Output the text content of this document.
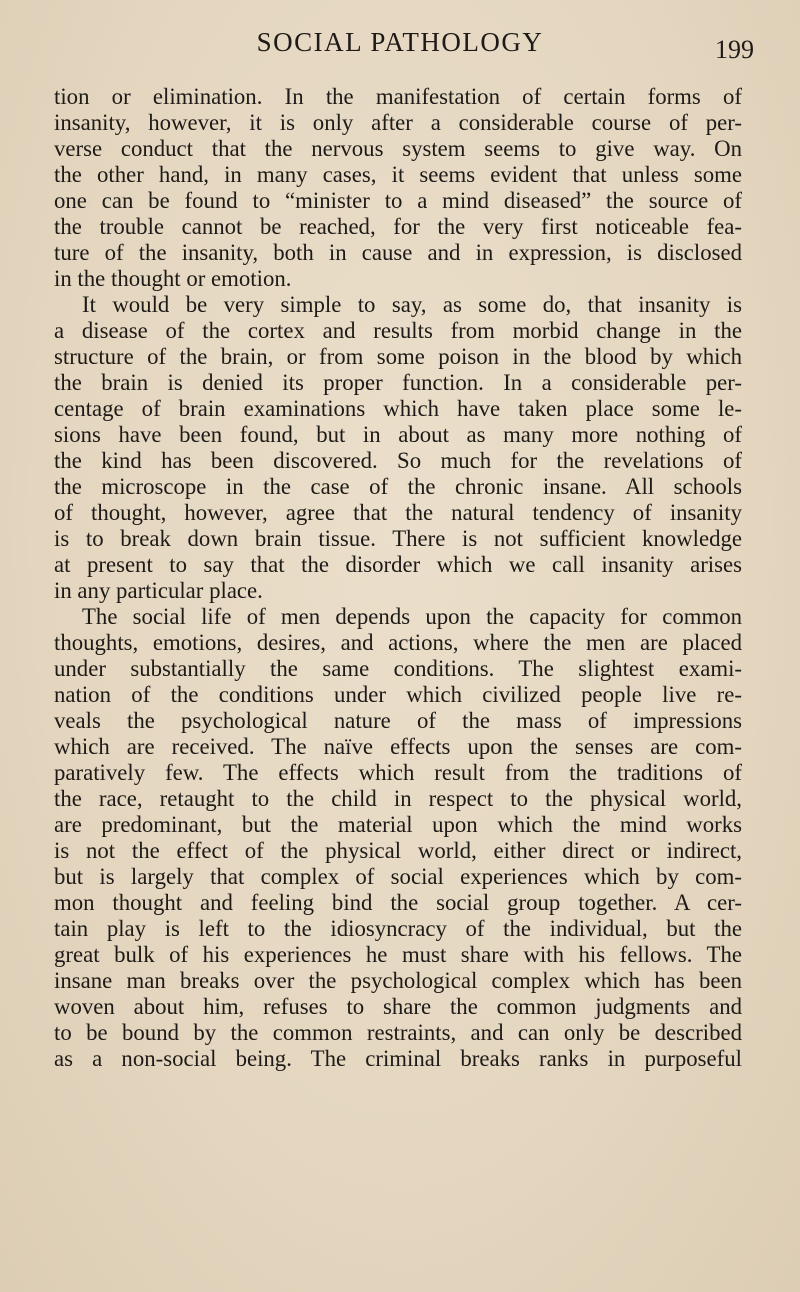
SOCIAL PATHOLOGY	199
tion or elimination. In the manifestation of certain forms of
insanity, however, it is only after a considerable course of per-
verse conduct that the nervous system seems to give way. On
the other hand, in many cases, it seems evident that unless some
one can be found to “minister to a mind diseased” the source of
the trouble cannot be reached, for the very first noticeable fea-
ture of the insanity, both in cause and in expression, is disclosed
in the thought or emotion.
It would be very simple to say, as some do, that insanity is
a disease of the cortex and results from morbid change in the
structure of the brain, or from some poison in the blood by which
the brain is denied its proper function. In a considerable per-
centage of brain examinations which have taken place some le-
sions have been found, but in about as many more nothing of
the kind has been discovered. So much for the revelations of
the microscope in the case of the chronic insane. All schools
of thought, however, agree that the natural tendency of insanity
is to break down brain tissue. There is not sufficient knowledge
at present to say that the disorder which we call insanity arises
in any particular place.
The social life of men depends upon the capacity for common
thoughts, emotions, desires, and actions, where the men are placed
under substantially the same conditions. The slightest exami-
nation of the conditions under which civilized people live re-
veals the psychological nature of the mass of impressions
which are received. The naïve effects upon the senses are com-
paratively few. The effects which result from the traditions of
the race, retaught to the child in respect to the physical world,
are predominant, but the material upon which the mind works
is not the effect of the physical world, either direct or indirect,
but is largely that complex of social experiences which by com-
mon thought and feeling bind the social group together. A cer-
tain play is left to the idiosyncracy of the individual, but the
great bulk of his experiences he must share with his fellows. The
insane man breaks over the psychological complex which has been
woven about him, refuses to share the common judgments and
to be bound by the common restraints, and can only be described
as a non-social being. The criminal breaks ranks in purposeful
